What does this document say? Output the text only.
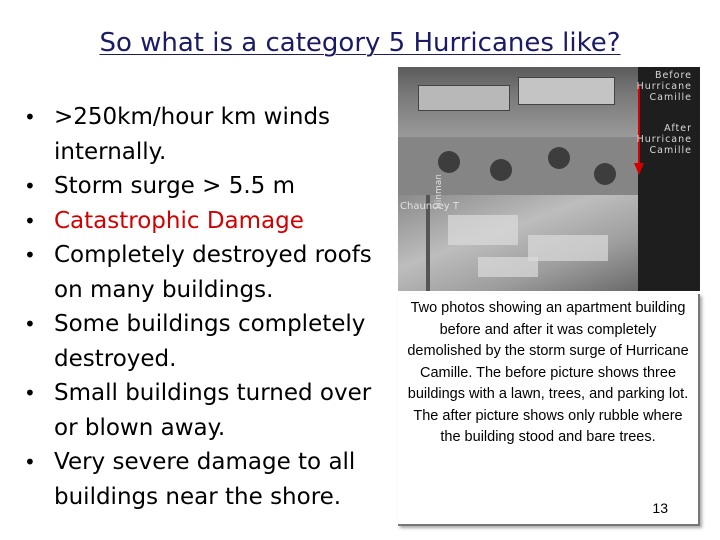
So what is a category 5 Hurricanes like?
• >250km/hour km winds internally.
• Storm surge > 5.5 m
• Catastrophic Damage
• Completely destroyed roofs on many buildings.
• Some buildings completely destroyed.
• Small buildings turned over or blown away.
• Very severe damage to all buildings near the shore.
Before Hurricane Camille
After Hurricane Camille
Chauncey T
Hinman
Two photos showing an apartment building before and after it was completely demolished by the storm surge of Hurricane Camille. The before picture shows three buildings with a lawn, trees, and parking lot. The after picture shows only rubble where the building stood and bare trees.
13
